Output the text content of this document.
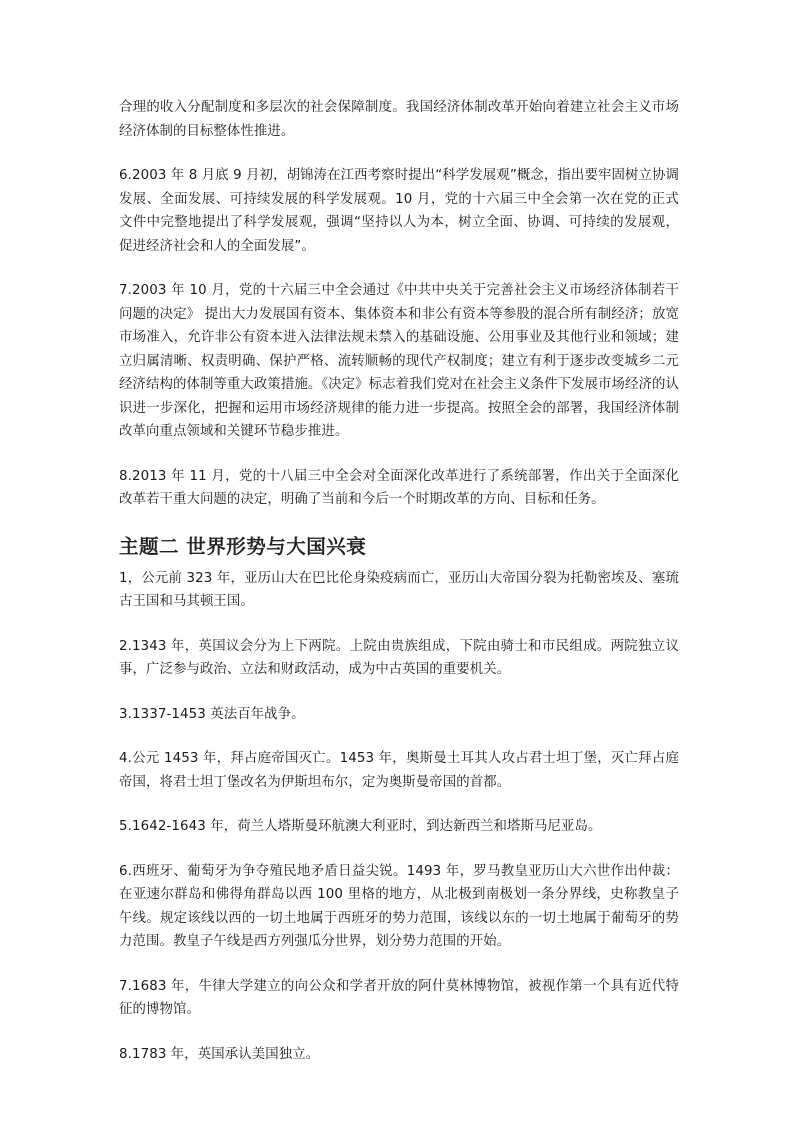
合理的收入分配制度和多层次的社会保障制度。我国经济体制改革开始向着建立社会主义市场经济体制的目标整体性推进。

6.2003 年 8 月底 9 月初，胡锦涛在江西考察时提出“科学发展观”概念，指出要牢固树立协调发展、全面发展、可持续发展的科学发展观。10 月，党的十六届三中全会第一次在党的正式文件中完整地提出了科学发展观，强调“坚持以人为本，树立全面、协调、可持续的发展观，促进经济社会和人的全面发展”。

7.2003 年 10 月，党的十六届三中全会通过《中共中央关于完善社会主义市场经济体制若干问题的决定》 提出大力发展国有资本、集体资本和非公有资本等参股的混合所有制经济；放宽市场准入，允许非公有资本进入法律法规未禁入的基础设施、公用事业及其他行业和领域；建立归属清晰、权责明确、保护严格、流转顺畅的现代产权制度；建立有利于逐步改变城乡二元经济结构的体制等重大政策措施。《决定》标志着我们党对在社会主义条件下发展市场经济的认识进一步深化，把握和运用市场经济规律的能力进一步提高。按照全会的部署，我国经济体制改革向重点领域和关键环节稳步推进。

8.2013 年 11 月，党的十八届三中全会对全面深化改革进行了系统部署，作出关于全面深化改革若干重大问题的决定，明确了当前和今后一个时期改革的方向、目标和任务。

主题二 世界形势与大国兴衰

1，公元前 323 年，亚历山大在巴比伦身染疫病而亡，亚历山大帝国分裂为托勒密埃及、塞琉古王国和马其顿王国。

2.1343 年，英国议会分为上下两院。上院由贵族组成，下院由骑士和市民组成。两院独立议事，广泛参与政治、立法和财政活动，成为中古英国的重要机关。

3.1337-1453 英法百年战争。

4.公元 1453 年，拜占庭帝国灭亡。1453 年，奥斯曼土耳其人攻占君士坦丁堡，灭亡拜占庭帝国，将君士坦丁堡改名为伊斯坦布尔，定为奥斯曼帝国的首都。

5.1642-1643 年，荷兰人塔斯曼环航澳大利亚时，到达新西兰和塔斯马尼亚岛。

6.西班牙、葡萄牙为争夺殖民地矛盾日益尖锐。1493 年，罗马教皇亚历山大六世作出仲裁：在亚速尔群岛和佛得角群岛以西 100 里格的地方，从北极到南极划一条分界线，史称教皇子午线。规定该线以西的一切土地属于西班牙的势力范围，该线以东的一切土地属于葡萄牙的势力范围。教皇子午线是西方列强瓜分世界，划分势力范围的开始。

7.1683 年，牛律大学建立的向公众和学者开放的阿什莫林博物馆，被视作第一个具有近代特征的博物馆。

8.1783 年，英国承认美国独立。
